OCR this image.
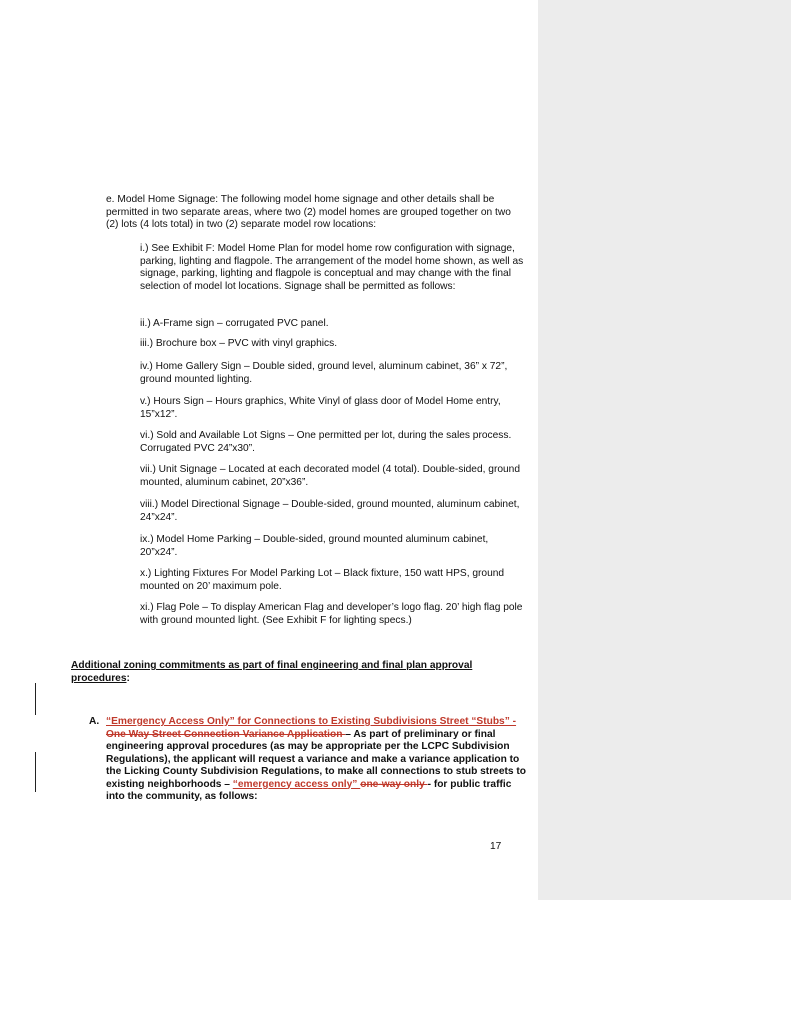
e. Model Home Signage: The following model home signage and other details shall be permitted in two separate areas, where two (2) model homes are grouped together on two (2) lots (4 lots total) in two (2) separate model row locations:
i.) See Exhibit F: Model Home Plan for model home row configuration with signage, parking, lighting and flagpole. The arrangement of the model home shown, as well as signage, parking, lighting and flagpole is conceptual and may change with the final selection of model lot locations. Signage shall be permitted as follows:
ii.) A-Frame sign – corrugated PVC panel.
iii.) Brochure box – PVC with vinyl graphics.
iv.) Home Gallery Sign – Double sided, ground level, aluminum cabinet, 36” x 72”, ground mounted lighting.
v.) Hours Sign – Hours graphics, White Vinyl of glass door of Model Home entry, 15”x12”.
vi.) Sold and Available Lot Signs – One permitted per lot, during the sales process. Corrugated PVC 24”x30”.
vii.) Unit Signage – Located at each decorated model (4 total). Double-sided, ground mounted, aluminum cabinet, 20”x36”.
viii.) Model Directional Signage – Double-sided, ground mounted, aluminum cabinet, 24”x24”.
ix.) Model Home Parking – Double-sided, ground mounted aluminum cabinet, 20”x24”.
x.) Lighting Fixtures For Model Parking Lot – Black fixture, 150 watt HPS, ground mounted on 20’ maximum pole.
xi.) Flag Pole – To display American Flag and developer’s logo flag. 20’ high flag pole with ground mounted light. (See Exhibit F for lighting specs.)
Additional zoning commitments as part of final engineering and final plan approval procedures:
A. “Emergency Access Only” for Connections to Existing Subdivisions Street “Stubs” - One Way Street Connection Variance Application – As part of preliminary or final engineering approval procedures (as may be appropriate per the LCPC Subdivision Regulations), the applicant will request a variance and make a variance application to the Licking County Subdivision Regulations, to make all connections to stub streets to existing neighborhoods – “emergency access only” one-way only - for public traffic into the community, as follows:
17
